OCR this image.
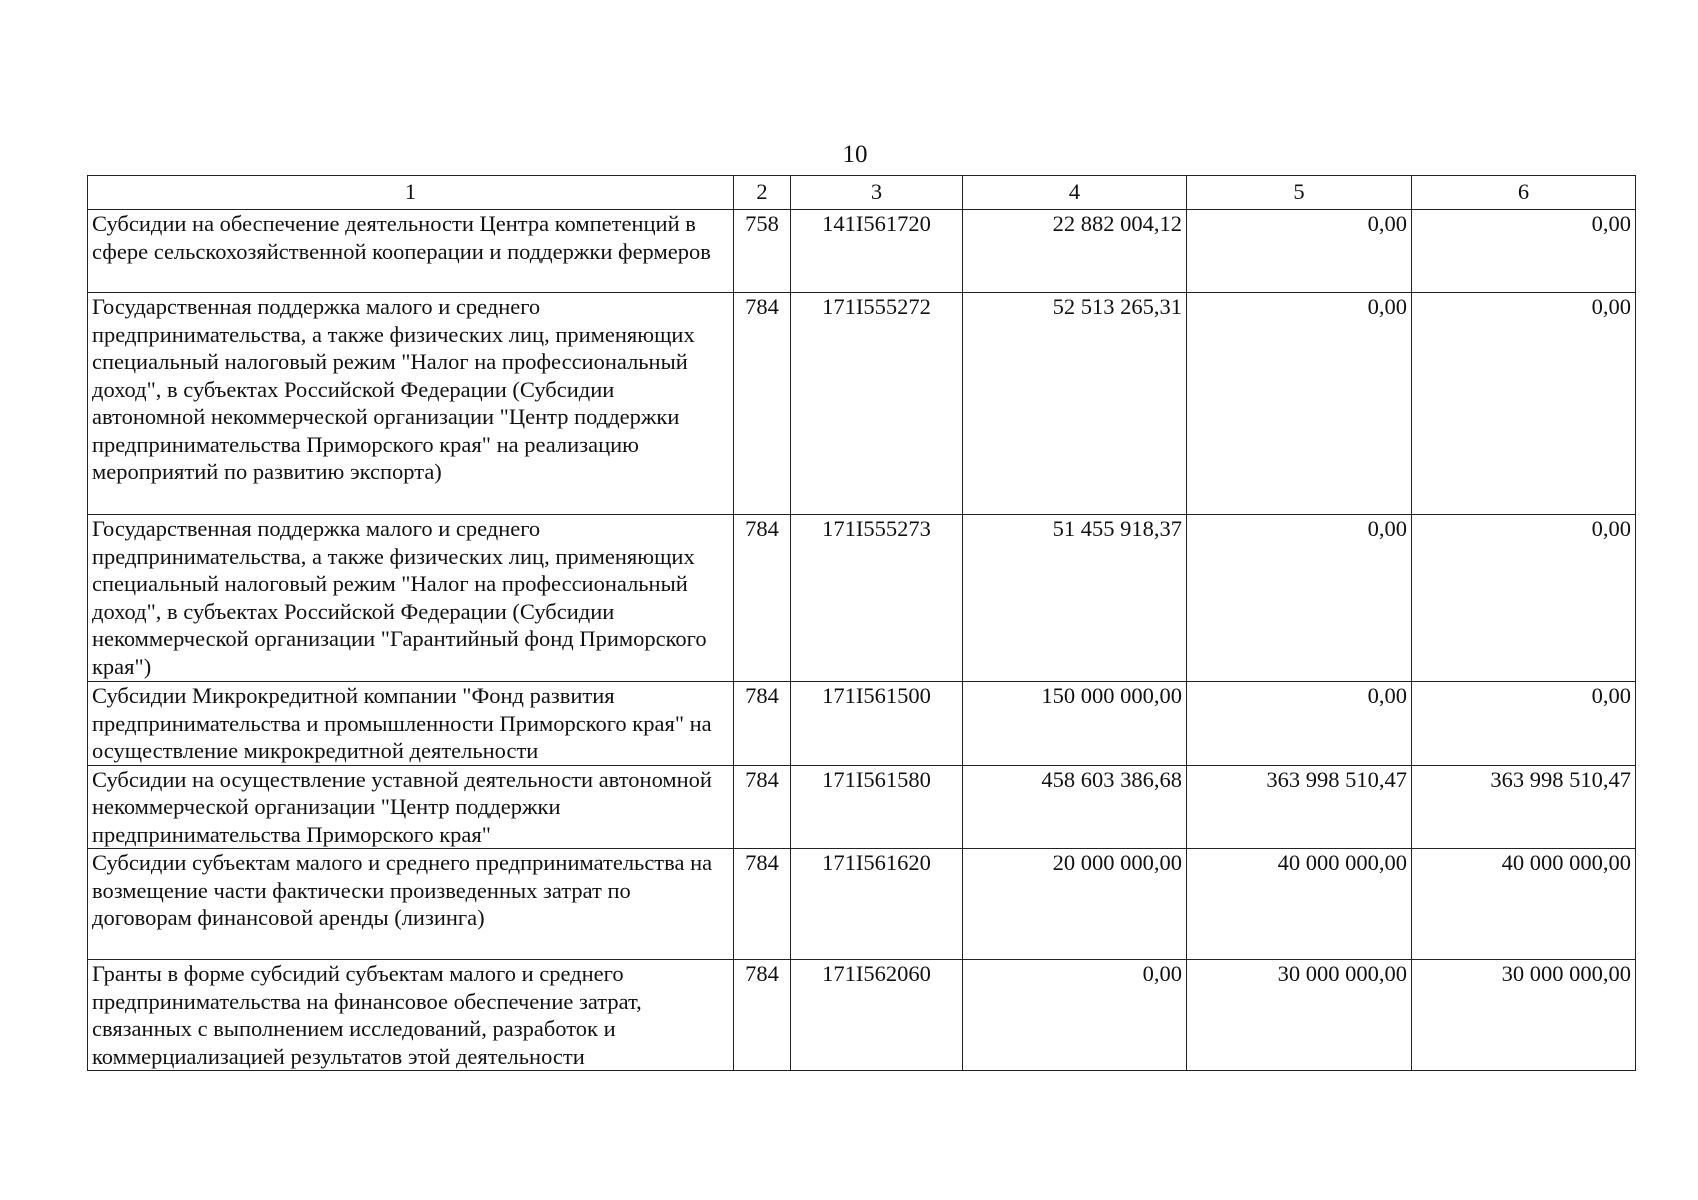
10
1	2	3	4	5	6
Субсидии на обеспечение деятельности Центра компетенций в сфере сельскохозяйственной кооперации и поддержки фермеров	758	141I561720	22 882 004,12	0,00	0,00
Государственная поддержка малого и среднего предпринимательства, а также физических лиц, применяющих специальный налоговый режим "Налог на профессиональный доход", в субъектах Российской Федерации (Субсидии автономной некоммерческой организации "Центр поддержки предпринимательства Приморского края" на реализацию мероприятий по развитию экспорта)	784	171I555272	52 513 265,31	0,00	0,00
Государственная поддержка малого и среднего предпринимательства, а также физических лиц, применяющих специальный налоговый режим "Налог на профессиональный доход", в субъектах Российской Федерации (Субсидии некоммерческой организации "Гарантийный фонд Приморского края")	784	171I555273	51 455 918,37	0,00	0,00
Субсидии Микрокредитной компании "Фонд развития предпринимательства и промышленности Приморского края" на осуществление микрокредитной деятельности	784	171I561500	150 000 000,00	0,00	0,00
Субсидии на осуществление уставной деятельности автономной некоммерческой организации "Центр поддержки предпринимательства Приморского края"	784	171I561580	458 603 386,68	363 998 510,47	363 998 510,47
Субсидии субъектам малого и среднего предпринимательства на возмещение части фактически произведенных затрат по договорам финансовой аренды (лизинга)	784	171I561620	20 000 000,00	40 000 000,00	40 000 000,00
Гранты в форме субсидий субъектам малого и среднего предпринимательства на финансовое обеспечение затрат, связанных с выполнением исследований, разработок и коммерциализацией результатов этой деятельности	784	171I562060	0,00	30 000 000,00	30 000 000,00
